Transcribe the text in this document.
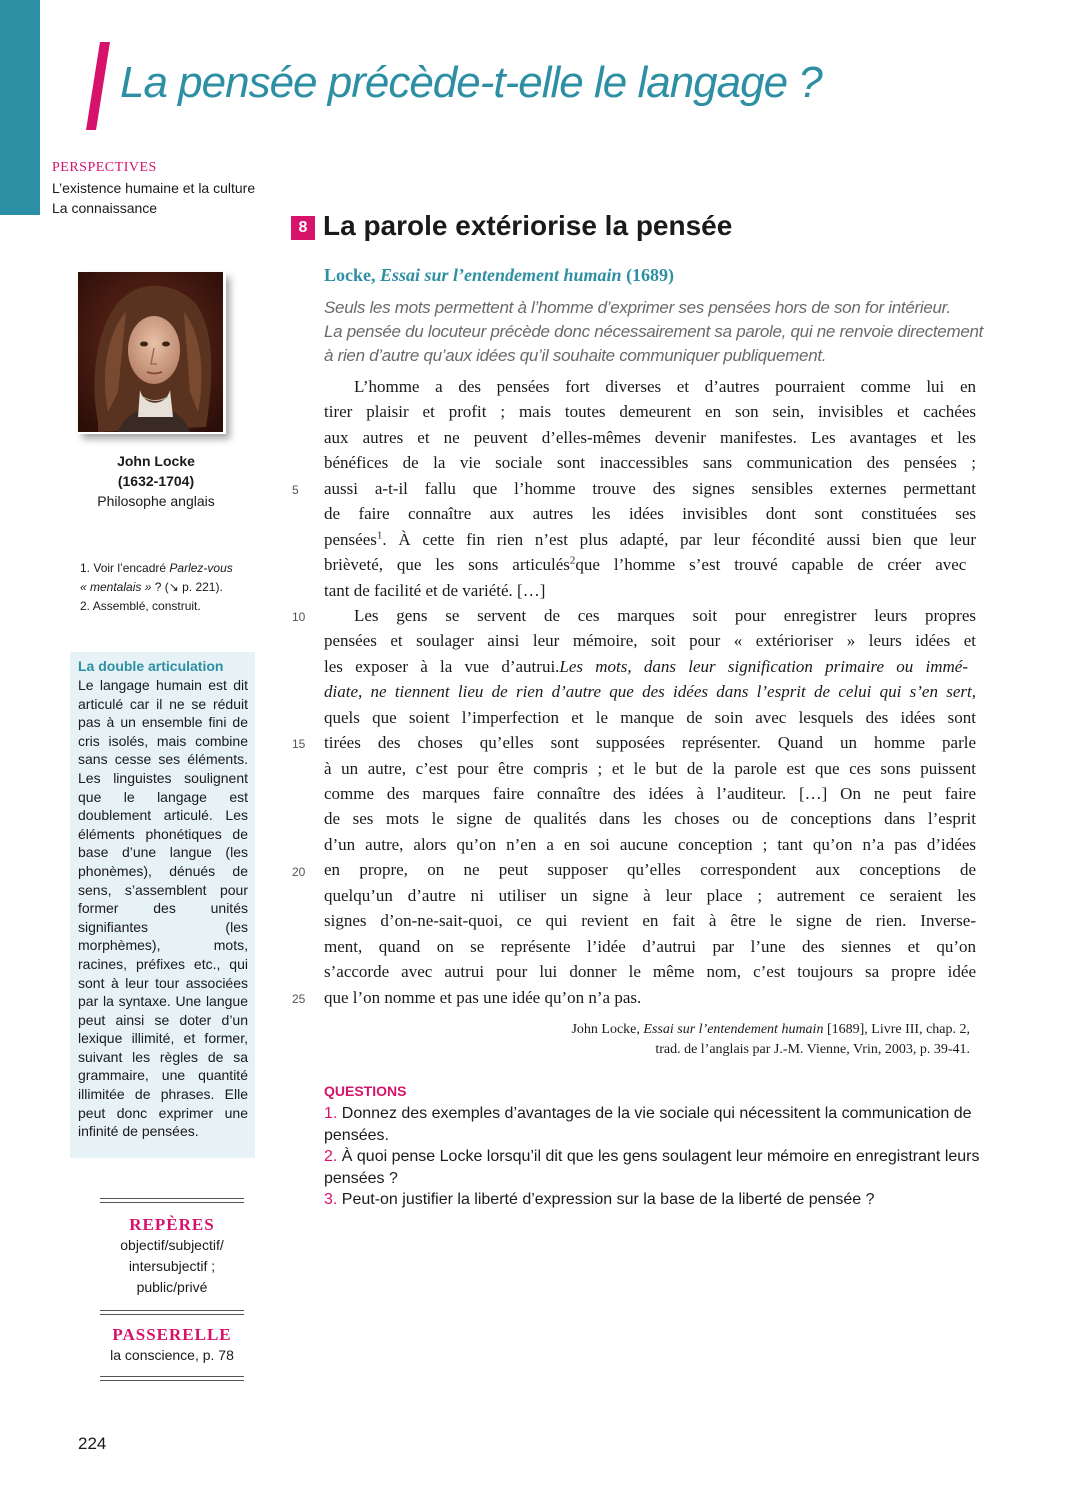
La pensée précède-t-elle le langage ?
PERSPECTIVES
L’existence humaine et la culture
La connaissance
John Locke
(1632-1704)
Philosophe anglais
1. Voir l’encadré Parlez-vous
« mentalais » ? (↘ p. 221).
2. Assemblé, construit.
La double articulation

Le langage humain est dit articulé car il ne se réduit pas à un ensemble fini de cris isolés, mais combine sans cesse ses éléments. Les linguistes soulignent que le langage est doublement articulé. Les éléments phonétiques de base d’une langue (les phonèmes), dénués de sens, s’assemblent pour former des unités signifiantes (les morphèmes), mots, racines, préfixes etc., qui sont à leur tour associées par la syntaxe. Une langue peut ainsi se doter d’un lexique illimité, et former, suivant les règles de sa grammaire, une quantité illimitée de phrases. Elle peut donc exprimer une infinité de pensées.

REPÈRES
objectif/subjectif/
intersubjectif ;
public/privé
PASSERELLE
la conscience, p. 78
224
8 La parole extériorise la pensée
Locke, Essai sur l’entendement humain (1689)
Seuls les mots permettent à l’homme d’exprimer ses pensées hors de son for intérieur.
La pensée du locuteur précède donc nécessairement sa parole, qui ne renvoie directement
à rien d’autre qu’aux idées qu’il souhaite communiquer publiquement.
L’homme a des pensées fort diverses et d’autres pourraient comme lui en
tirer plaisir et profit ; mais toutes demeurent en son sein, invisibles et cachées
aux autres et ne peuvent d’elles-mêmes devenir manifestes. Les avantages et les
bénéfices de la vie sociale sont inaccessibles sans communication des pensées ;
aussi a-t-il fallu que l’homme trouve des signes sensibles externes permettant
de faire connaître aux autres les idées invisibles dont sont constituées ses
pensées$^1$. À cette fin rien n’est plus adapté, par leur fécondité aussi bien que leur
brièveté, que les sons articulés$^2$que l’homme s’est trouvé capable de créer avec
tant de facilité et de variété. […]
Les gens se servent de ces marques soit pour enregistrer leurs propres
pensées et soulager ainsi leur mémoire, soit pour « extérioriser » leurs idées et
les exposer à la vue d’autrui.Les mots, dans leur signification primaire ou immé-
diate, ne tiennent lieu de rien d’autre que des idées dans l’esprit de celui qui s’en sert,
quels que soient l’imperfection et le manque de soin avec lesquels des idées sont
tirées des choses qu’elles sont supposées représenter. Quand un homme parle
à un autre, c’est pour être compris ; et le but de la parole est que ces sons puissent
comme des marques faire connaître des idées à l’auditeur. […] On ne peut faire
de ses mots le signe de qualités dans les choses ou de conceptions dans l’esprit
d’un autre, alors qu’on n’en a en soi aucune conception ; tant qu’on n’a pas d’idées
en propre, on ne peut supposer qu’elles correspondent aux conceptions de
quelqu’un d’autre ni utiliser un signe à leur place ; autrement ce seraient les
signes d’on-ne-sait-quoi, ce qui revient en fait à être le signe de rien. Inverse-
ment, quand on se représente l’idée d’autrui par l’une des siennes et qu’on
s’accorde avec autrui pour lui donner le même nom, c’est toujours sa propre idée
que l’on nomme et pas une idée qu’on n’a pas.
5
10
15
20
25
John Locke, Essai sur l’entendement humain [1689], Livre III, chap. 2,
trad. de l’anglais par J.-M. Vienne, Vrin, 2003, p. 39-41.
QUESTIONS

1. Donnez des exemples d’avantages de la vie sociale qui nécessitent la communication de pensées.

2. À quoi pense Locke lorsqu’il dit que les gens soulagent leur mémoire en enregistrant leurs pensées ?

3. Peut-on justifier la liberté d’expression sur la base de la liberté de pensée ?
